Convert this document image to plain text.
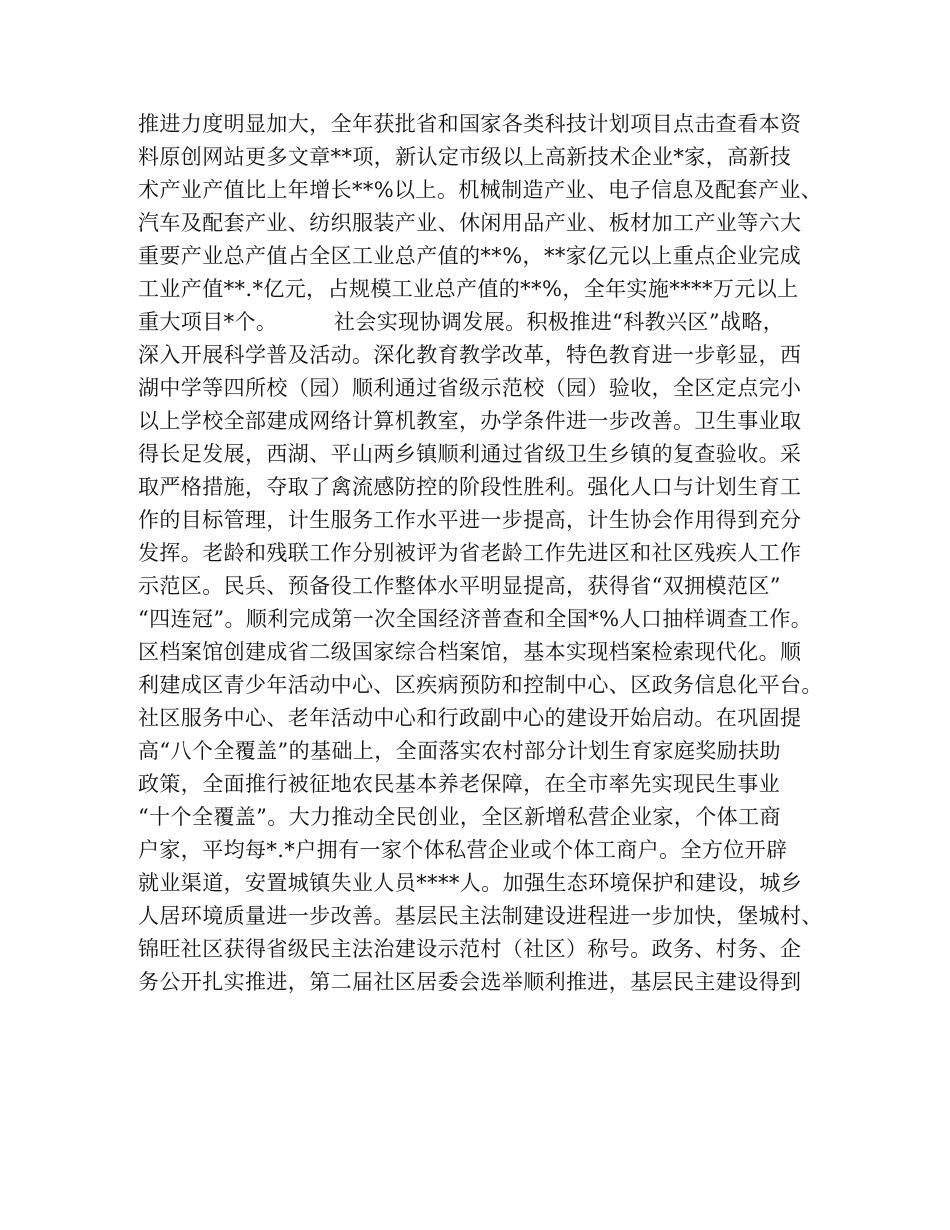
推进力度明显加大，全年获批省和国家各类科技计划项目点击查看本资
料原创网站更多文章**项，新认定市级以上高新技术企业*家，高新技
术产业产值比上年增长**%以上。机械制造产业、电子信息及配套产业、
汽车及配套产业、纺织服装产业、休闲用品产业、板材加工产业等六大
重要产业总产值占全区工业总产值的**%，**家亿元以上重点企业完成
工业产值**.*亿元，占规模工业总产值的**%，全年实施****万元以上
重大项目*个。        社会实现协调发展。积极推进“科教兴区”战略，
深入开展科学普及活动。深化教育教学改革，特色教育进一步彰显，西
湖中学等四所校（园）顺利通过省级示范校（园）验收，全区定点完小
以上学校全部建成网络计算机教室，办学条件进一步改善。卫生事业取
得长足发展，西湖、平山两乡镇顺利通过省级卫生乡镇的复查验收。采
取严格措施，夺取了禽流感防控的阶段性胜利。强化人口与计划生育工
作的目标管理，计生服务工作水平进一步提高，计生协会作用得到充分
发挥。老龄和残联工作分别被评为省老龄工作先进区和社区残疾人工作
示范区。民兵、预备役工作整体水平明显提高，获得省“双拥模范区”
“四连冠”。顺利完成第一次全国经济普查和全国*%人口抽样调查工作。
区档案馆创建成省二级国家综合档案馆，基本实现档案检索现代化。顺
利建成区青少年活动中心、区疾病预防和控制中心、区政务信息化平台。
社区服务中心、老年活动中心和行政副中心的建设开始启动。在巩固提
高“八个全覆盖”的基础上，全面落实农村部分计划生育家庭奖励扶助
政策，全面推行被征地农民基本养老保障，在全市率先实现民生事业
“十个全覆盖”。大力推动全民创业，全区新增私营企业家，个体工商
户家，平均每*.*户拥有一家个体私营企业或个体工商户。全方位开辟
就业渠道，安置城镇失业人员****人。加强生态环境保护和建设，城乡
人居环境质量进一步改善。基层民主法制建设进程进一步加快，堡城村、
锦旺社区获得省级民主法治建设示范村（社区）称号。政务、村务、企
务公开扎实推进，第二届社区居委会选举顺利推进，基层民主建设得到
